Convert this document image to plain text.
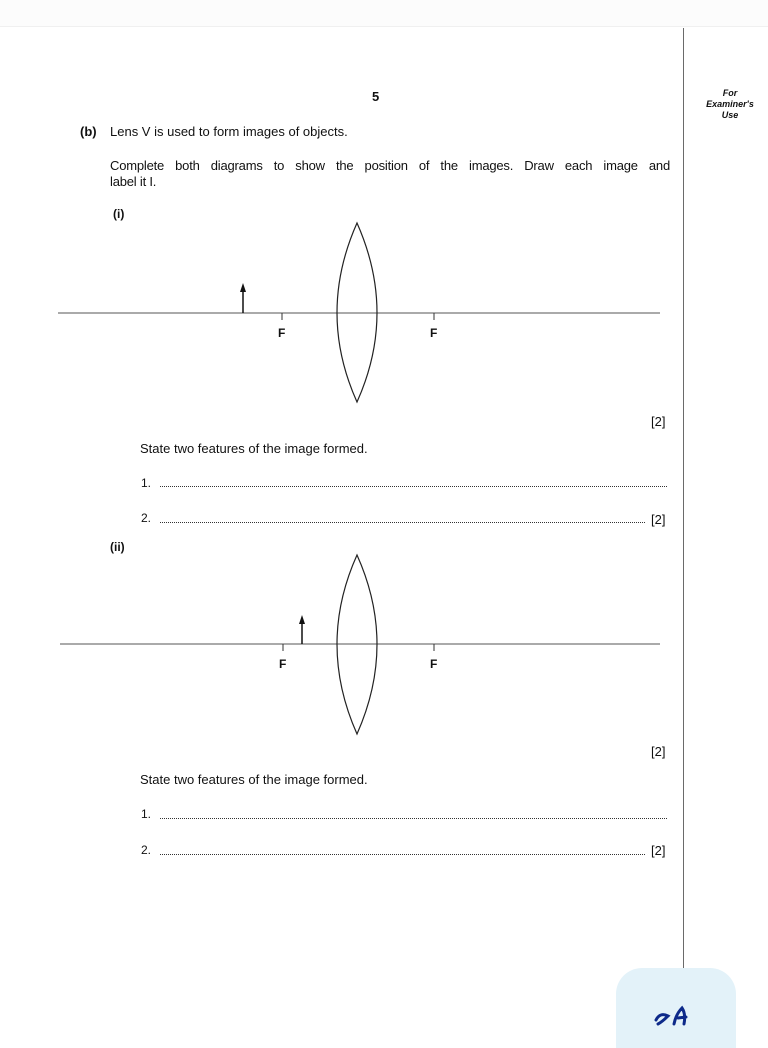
5	For
Examiner's
Use
(b) Lens V is used to form images of objects.
Complete both diagrams to show the position of the images. Draw each image and
label it I.
(i)
F	F
[2]
State two features of the image formed.
1.
2.	[2]
(ii)
F	F
[2]
State two features of the image formed.
1.
2.	[2]
